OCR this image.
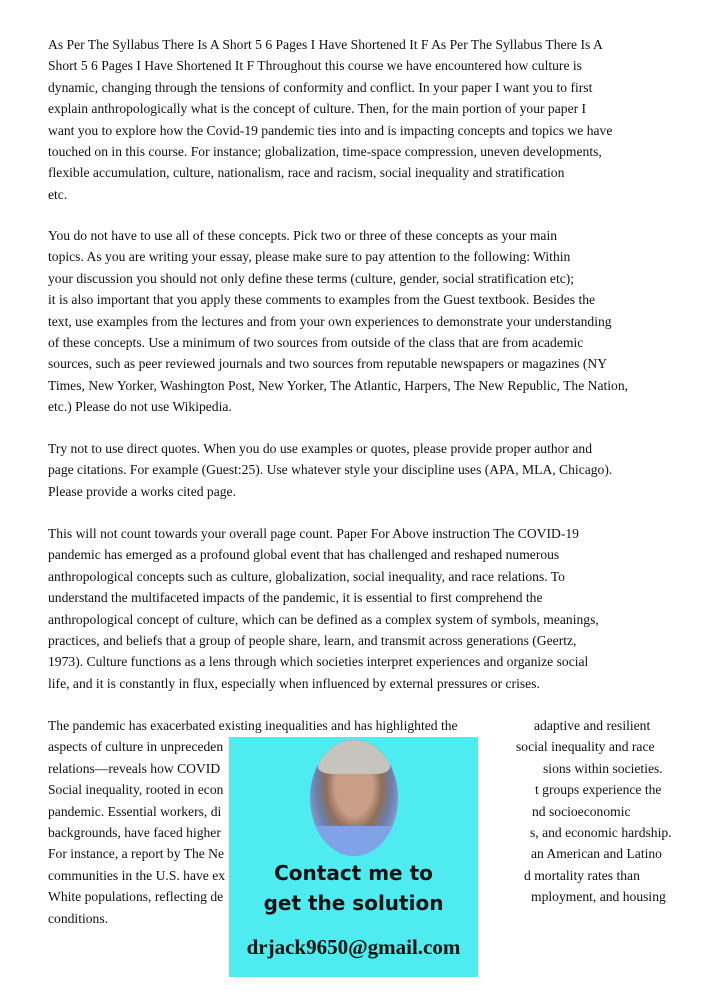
As Per The Syllabus There Is A Short 5 6 Pages I Have Shortened It F As Per The Syllabus There Is A
Short 5 6 Pages I Have Shortened It F Throughout this course we have encountered how culture is
dynamic, changing through the tensions of conformity and conflict. In your paper I want you to first
explain anthropologically what is the concept of culture. Then, for the main portion of your paper I
want you to explore how the Covid-19 pandemic ties into and is impacting concepts and topics we have
touched on in this course. For instance; globalization, time-space compression, uneven developments,
flexible accumulation, culture, nationalism, race and racism, social inequality and stratification
etc.
You do not have to use all of these concepts. Pick two or three of these concepts as your main
topics. As you are writing your essay, please make sure to pay attention to the following: Within
your discussion you should not only define these terms (culture, gender, social stratification etc);
it is also important that you apply these comments to examples from the Guest textbook. Besides the
text, use examples from the lectures and from your own experiences to demonstrate your understanding
of these concepts. Use a minimum of two sources from outside of the class that are from academic
sources, such as peer reviewed journals and two sources from reputable newspapers or magazines (NY
Times, New Yorker, Washington Post, New Yorker, The Atlantic, Harpers, The New Republic, The Nation,
etc.) Please do not use Wikipedia.
Try not to use direct quotes. When you do use examples or quotes, please provide proper author and
page citations. For example (Guest:25). Use whatever style your discipline uses (APA, MLA, Chicago).
Please provide a works cited page.
This will not count towards your overall page count. Paper For Above instruction The COVID-19
pandemic has emerged as a profound global event that has challenged and reshaped numerous
anthropological concepts such as culture, globalization, social inequality, and race relations. To
understand the multifaceted impacts of the pandemic, it is essential to first comprehend the
anthropological concept of culture, which can be defined as a complex system of symbols, meanings,
practices, and beliefs that a group of people share, learn, and transmit across generations (Geertz,
1973). Culture functions as a lens through which societies interpret experiences and organize social
life, and it is constantly in flux, especially when influenced by external pressures or crises.
The pandemic has exacerbated existing inequalities and has highlighted the	adaptive and resilient
aspects of culture in unpreceden	social inequality and race
relations—reveals how COVID	sions within societies.
Social inequality, rooted in econ	t groups experience the
pandemic. Essential workers, di	nd socioeconomic
backgrounds, have faced higher	s, and economic hardship.
For instance, a report by The Ne	an American and Latino
communities in the U.S. have ex	d mortality rates than
White populations, reflecting de	mployment, and housing
conditions.
Contact me to
get the solution
drjack9650@gmail.com
